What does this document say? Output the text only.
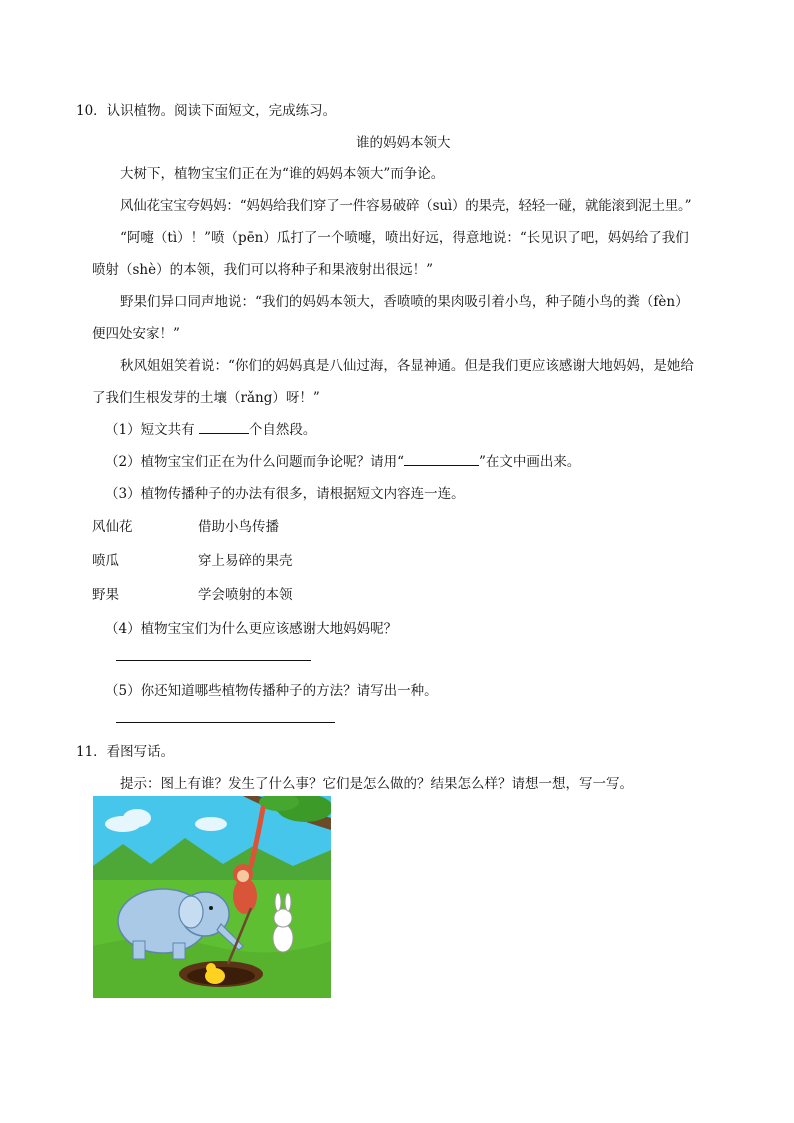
10．认识植物。阅读下面短文，完成练习。
谁的妈妈本领大
大树下，植物宝宝们正在为“谁的妈妈本领大”而争论。
风仙花宝宝夸妈妈：“妈妈给我们穿了一件容易破碎（suì）的果壳，轻轻一碰，就能滚到泥土里。”
“阿嚏（tì）！”喷（pēn）瓜打了一个喷嚏，喷出好远，得意地说：“长见识了吧，妈妈给了我们
喷射（shè）的本领，我们可以将种子和果液射出很远！”
野果们异口同声地说：“我们的妈妈本领大，香喷喷的果肉吸引着小鸟，种子随小鸟的粪（fèn）
便四处安家！”
秋风姐姐笑着说：“你们的妈妈真是八仙过海，各显神通。但是我们更应该感谢大地妈妈，是她给
了我们生根发芽的土壤（rǎng）呀！”
（1）短文共有	个自然段。
（2）植物宝宝们正在为什么问题而争论呢？请用“	”在文中画出来。
（3）植物传播种子的办法有很多，请根据短文内容连一连。
风仙花
喷瓜
野果
借助小鸟传播
穿上易碎的果壳
学会喷射的本领
（4）植物宝宝们为什么更应该感谢大地妈妈呢？
（5）你还知道哪些植物传播种子的方法？请写出一种。
11．看图写话。
提示：图上有谁？发生了什么事？它们是怎么做的？结果怎么样？请想一想，写一写。
